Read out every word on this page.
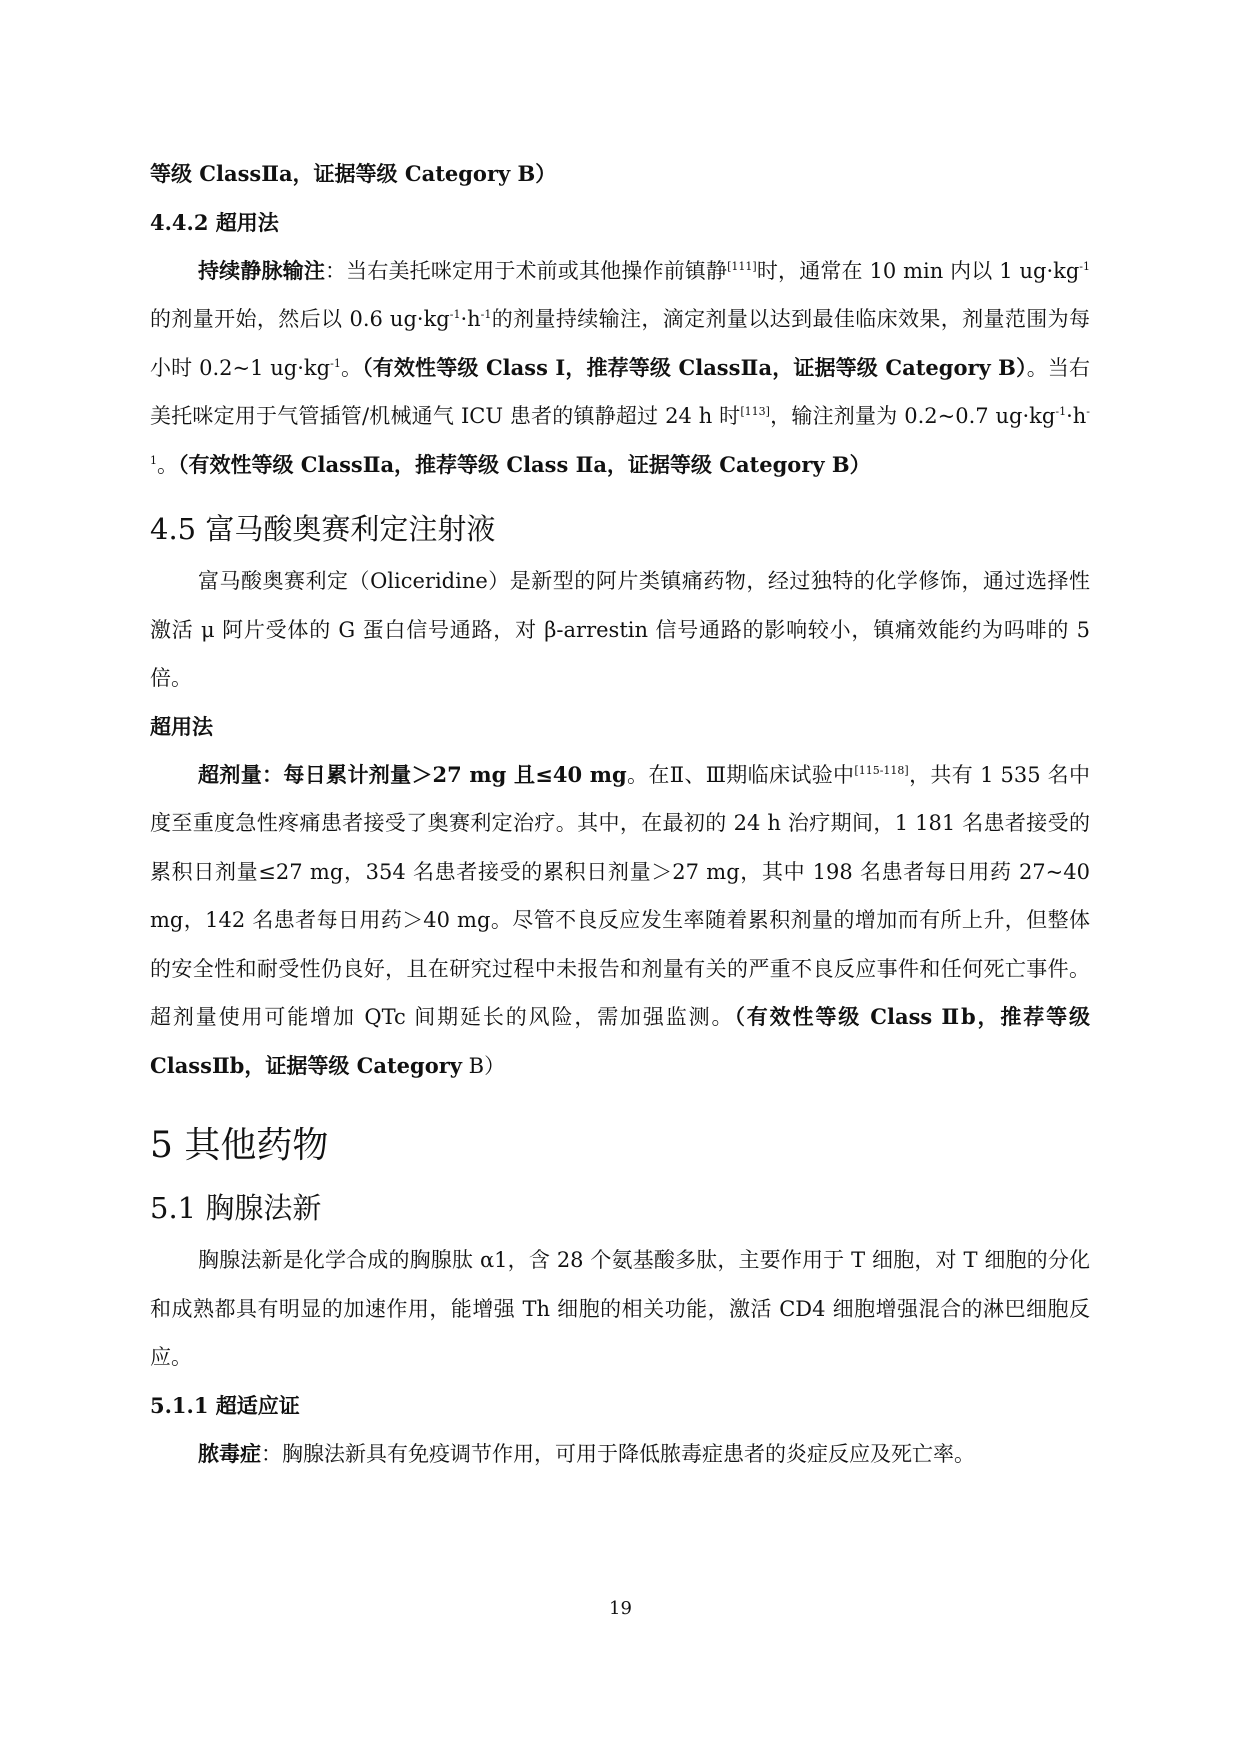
等级 ClassⅡa，证据等级 Category B）

4.4.2 超用法

持续静脉输注：当右美托咪定用于术前或其他操作前镇静[111]时，通常在 10 min 内以 1 $ug\cdot kg^{-1}$的剂量开始，然后以 0.6 $ug\cdot kg^{-1}\cdot h^{-1}$的剂量持续输注，滴定剂量以达到最佳临床效果，剂量范围为每小时 0.2~1 $ug\cdot kg^{-1}$。（有效性等级 Class I，推荐等级 ClassⅡa，证据等级 Category B）。当右美托咪定用于气管插管/机械通气 ICU 患者的镇静超过 24 h 时[113]，输注剂量为 0.2~0.7 $ug\cdot kg^{-1}\cdot h^{-1}$。（有效性等级 ClassⅡa，推荐等级 Class Ⅱa，证据等级 Category B）

4.5 富马酸奥赛利定注射液

富马酸奥赛利定（Oliceridine）是新型的阿片类镇痛药物，经过独特的化学修饰，通过选择性激活 μ 阿片受体的 G 蛋白信号通路，对 β-arrestin 信号通路的影响较小，镇痛效能约为吗啡的 5 倍。

超用法

超剂量：每日累计剂量＞27 mg 且≤40 mg。在Ⅱ、Ⅲ期临床试验中[115-118]，共有 1 535 名中度至重度急性疼痛患者接受了奥赛利定治疗。其中，在最初的 24 h 治疗期间，1 181 名患者接受的累积日剂量≤27 mg，354 名患者接受的累积日剂量＞27 mg，其中 198 名患者每日用药 27~40 mg，142 名患者每日用药＞40 mg。尽管不良反应发生率随着累积剂量的增加而有所上升，但整体的安全性和耐受性仍良好，且在研究过程中未报告和剂量有关的严重不良反应事件和任何死亡事件。超剂量使用可能增加 QTc 间期延长的风险，需加强监测。（有效性等级 Class Ⅱb，推荐等级 ClassⅡb，证据等级 Category B）

5 其他药物
5.1 胸腺法新

胸腺法新是化学合成的胸腺肽 α1，含 28 个氨基酸多肽，主要作用于 T 细胞，对 T 细胞的分化和成熟都具有明显的加速作用，能增强 Th 细胞的相关功能，激活 CD4 细胞增强混合的淋巴细胞反应。

5.1.1 超适应证

脓毒症：胸腺法新具有免疫调节作用，可用于降低脓毒症患者的炎症反应及死亡率。

19
